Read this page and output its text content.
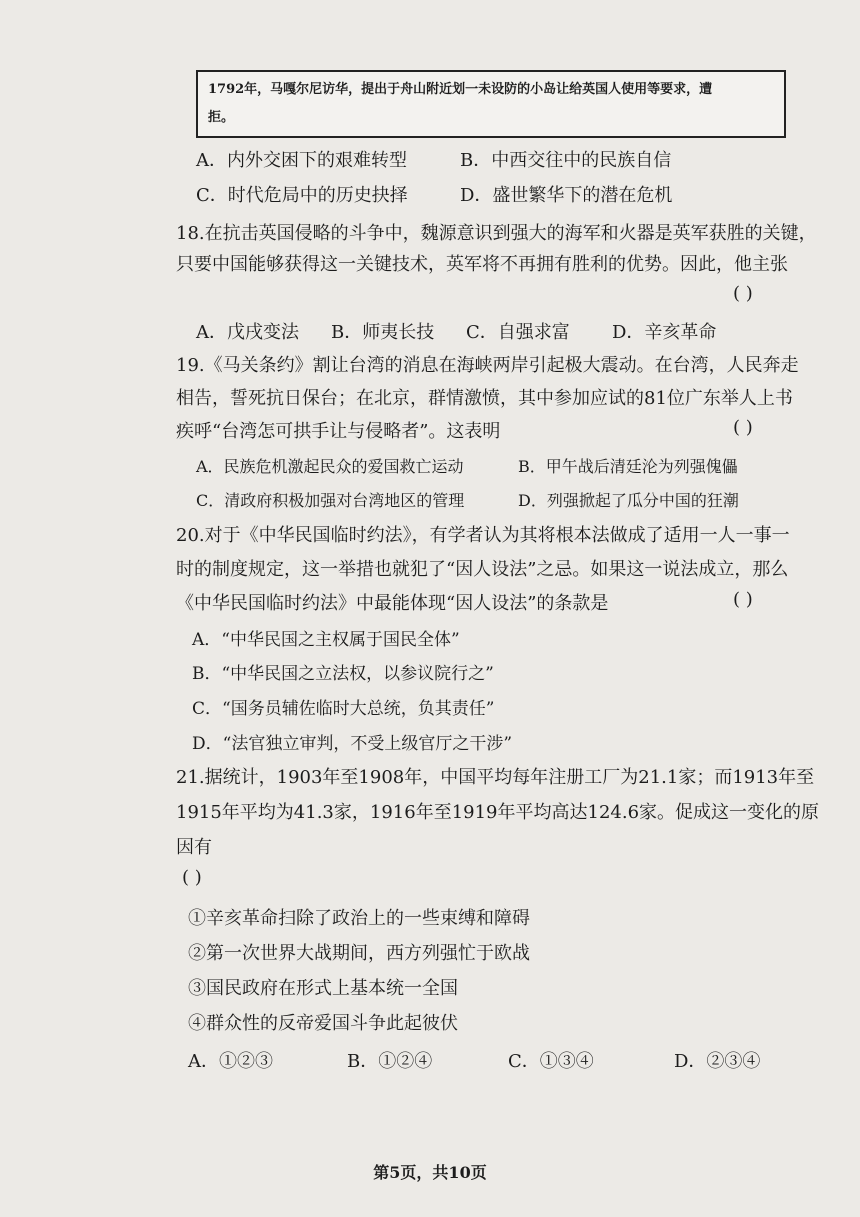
1792年，马嘎尔尼访华，提出于舟山附近划一未设防的小岛让给英国人使用等要求，遭
拒。
A．内外交困下的艰难转型	B．中西交往中的民族自信
C．时代危局中的历史抉择	D．盛世繁华下的潜在危机
18.在抗击英国侵略的斗争中，魏源意识到强大的海军和火器是英军获胜的关键，
只要中国能够获得这一关键技术，英军将不再拥有胜利的优势。因此，他主张
( )
A．戊戌变法 B．师夷长技 C．自强求富 D．辛亥革命
19.《马关条约》割让台湾的消息在海峡两岸引起极大震动。在台湾，人民奔走
相告，誓死抗日保台；在北京，群情激愤，其中参加应试的81位广东举人上书
疾呼“台湾怎可拱手让与侵略者”。这表明	( )
A．民族危机激起民众的爱国救亡运动	B．甲午战后清廷沦为列强傀儡
C．清政府积极加强对台湾地区的管理	D．列强掀起了瓜分中国的狂潮
20.对于《中华民国临时约法》，有学者认为其将根本法做成了适用一人一事一
时的制度规定，这一举措也就犯了“因人设法”之忌。如果这一说法成立，那么
《中华民国临时约法》中最能体现“因人设法”的条款是	( )
A．“中华民国之主权属于国民全体”
B．“中华民国之立法权，以参议院行之”
C．“国务员辅佐临时大总统，负其责任”
D．“法官独立审判，不受上级官厅之干涉”
21.据统计，1903年至1908年，中国平均每年注册工厂为21.1家；而1913年至
1915年平均为41.3家，1916年至1919年平均高达124.6家。促成这一变化的原
因有
( )
①辛亥革命扫除了政治上的一些束缚和障碍
②第一次世界大战期间，西方列强忙于欧战
③国民政府在形式上基本统一全国
④群众性的反帝爱国斗争此起彼伏
A．①②③	B．①②④	C．①③④	D．②③④
第5页，共10页
